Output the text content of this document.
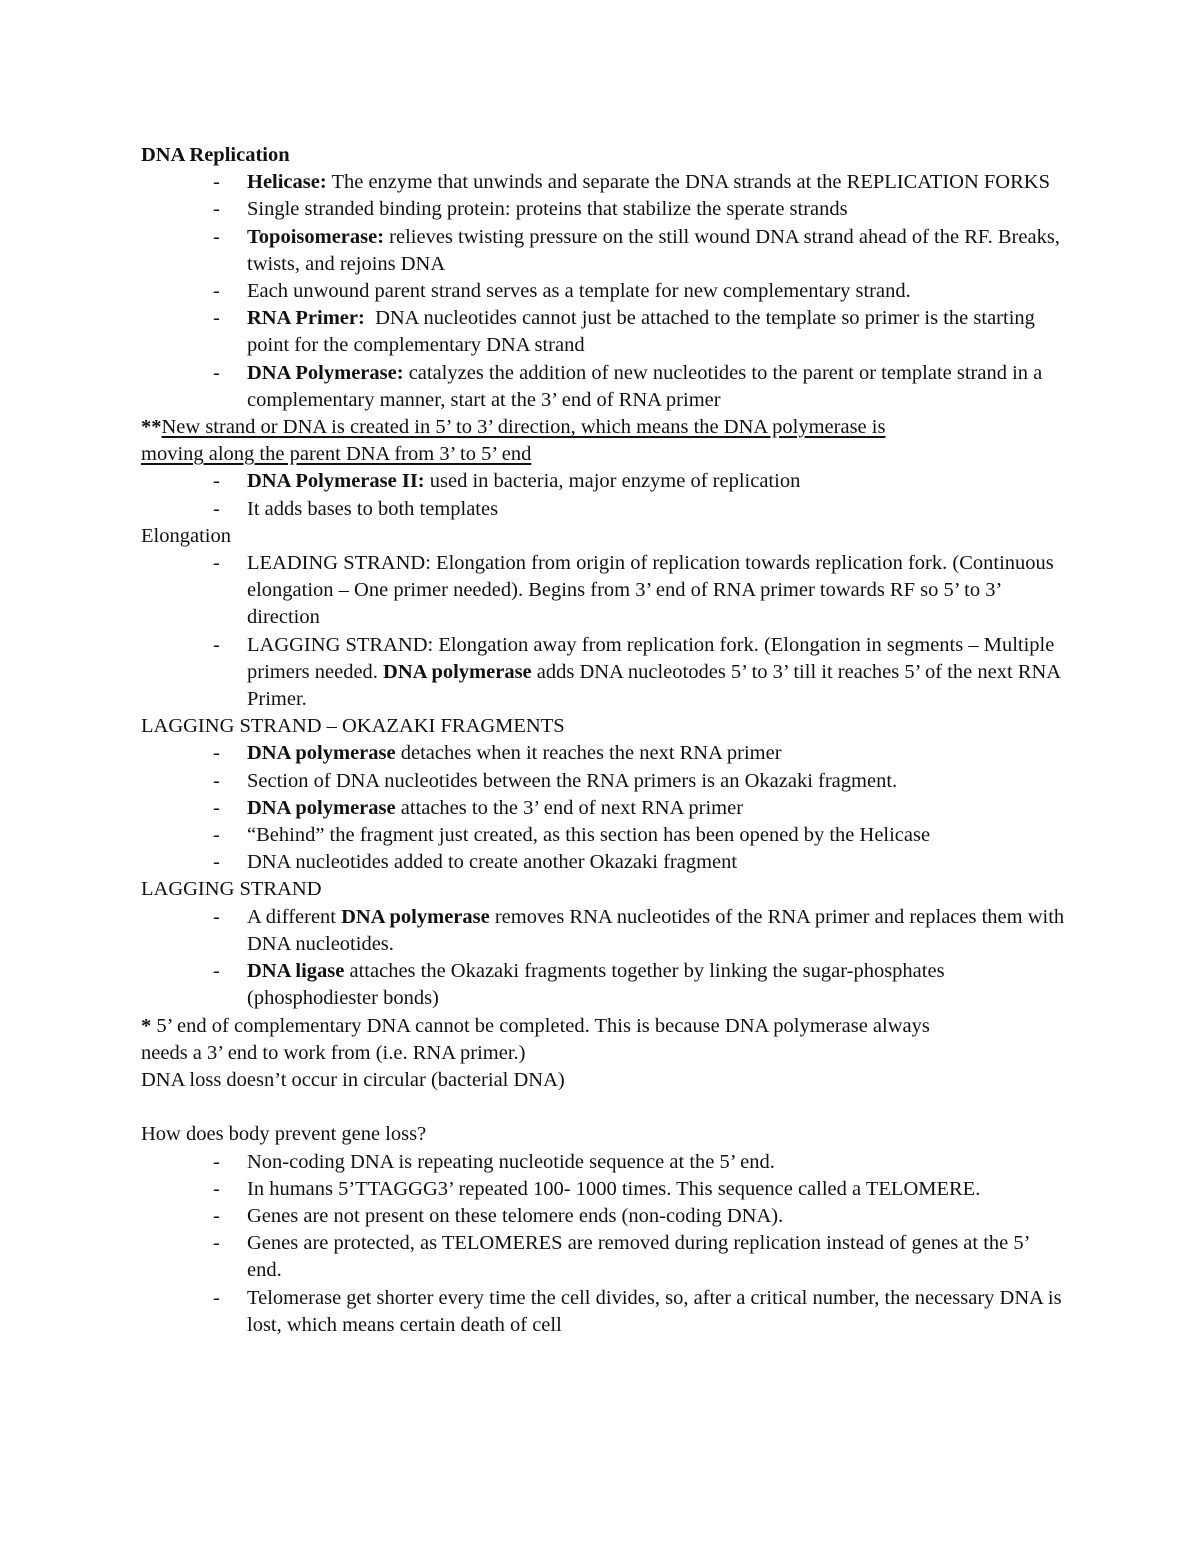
DNA Replication
- Helicase: The enzyme that unwinds and separate the DNA strands at the REPLICATION FORKS
- Single stranded binding protein: proteins that stabilize the sperate strands
- Topoisomerase: relieves twisting pressure on the still wound DNA strand ahead of the RF. Breaks, twists, and rejoins DNA
- Each unwound parent strand serves as a template for new complementary strand.
- RNA Primer:  DNA nucleotides cannot just be attached to the template so primer is the starting point for the complementary DNA strand
- DNA Polymerase: catalyzes the addition of new nucleotides to the parent or template strand in a complementary manner, start at the 3’ end of RNA primer
**New strand or DNA is created in 5’ to 3’ direction, which means the DNA polymerase is
moving along the parent DNA from 3’ to 5’ end
- DNA Polymerase II: used in bacteria, major enzyme of replication
- It adds bases to both templates
Elongation
- LEADING STRAND: Elongation from origin of replication towards replication fork. (Continuous elongation – One primer needed). Begins from 3’ end of RNA primer towards RF so 5’ to 3’ direction
- LAGGING STRAND: Elongation away from replication fork. (Elongation in segments – Multiple primers needed. DNA polymerase adds DNA nucleotodes 5’ to 3’ till it reaches 5’ of the next RNA Primer.
LAGGING STRAND – OKAZAKI FRAGMENTS
- DNA polymerase detaches when it reaches the next RNA primer
- Section of DNA nucleotides between the RNA primers is an Okazaki fragment.
- DNA polymerase attaches to the 3’ end of next RNA primer
- “Behind” the fragment just created, as this section has been opened by the Helicase
- DNA nucleotides added to create another Okazaki fragment
LAGGING STRAND
- A different DNA polymerase removes RNA nucleotides of the RNA primer and replaces them with DNA nucleotides.
- DNA ligase attaches the Okazaki fragments together by linking the sugar-phosphates (phosphodiester bonds)
* 5’ end of complementary DNA cannot be completed. This is because DNA polymerase always
needs a 3’ end to work from (i.e. RNA primer.)
DNA loss doesn’t occur in circular (bacterial DNA)
How does body prevent gene loss?
- Non-coding DNA is repeating nucleotide sequence at the 5’ end.
- In humans 5’TTAGGG3’ repeated 100- 1000 times. This sequence called a TELOMERE.
- Genes are not present on these telomere ends (non-coding DNA).
- Genes are protected, as TELOMERES are removed during replication instead of genes at the 5’ end.
- Telomerase get shorter every time the cell divides, so, after a critical number, the necessary DNA is lost, which means certain death of cell
